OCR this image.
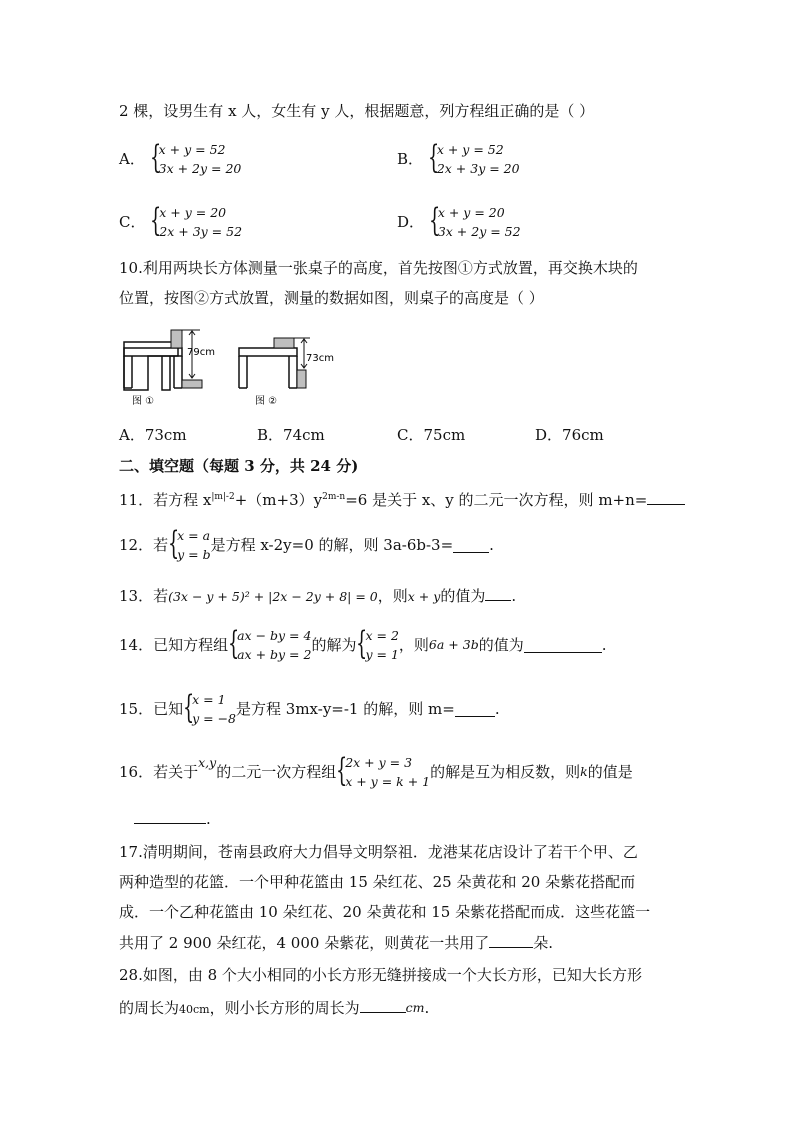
2 棵，设男生有 x 人，女生有 y 人，根据题意，列方程组正确的是（ ）
A． {
x + y = 52
3x + 2y = 20
B． {
x + y = 52
2x + 3y = 20
C． {
x + y = 20
2x + 3y = 52
D． {
x + y = 20
3x + 2y = 52
10.利用两块长方体测量一张桌子的高度，首先按图①方式放置，再交换木块的
位置，按图②方式放置，测量的数据如图，则桌子的高度是（ ）
79cm
图 ①
73cm
图 ②
A．73cm	B．74cm	C．75cm	D．76cm
二、填空题（每题 3 分，共 24 分)
11．若方程 $x^{|m|-2}+(m+3)y^{2m-n}=6$ 是关于 x、y 的二元一次方程，则 m+n=
12．若 {
x = a
y = b
是方程 x-2y=0 的解，则 3a-6b-3= .
13．若(3x − y + 5)² + |2x − 2y + 8| = 0，则x + y的值为 .
14．已知方程组 {
ax − by = 4
ax + by = 2
的解为 {
x = 2
y = 1
，则6a + 3b的值为	.
15．已知 {
x = 1
y = −8
是方程 3mx-y=-1 的解，则 m=	.
16．若关于$^{x,y}$的二元一次方程组 {
2x + y = 3
x + y = k + 1
的解是互为相反数，则k的值是
.
17.清明期间，苍南县政府大力倡导文明祭祖．龙港某花店设计了若干个甲、乙
两种造型的花篮．一个甲种花篮由 15 朵红花、25 朵黄花和 20 朵紫花搭配而
成．一个乙种花篮由 10 朵红花、20 朵黄花和 15 朵紫花搭配而成．这些花篮一
共用了 2 900 朵红花，4 000 朵紫花，则黄花一共用了	朵.
28.如图，由 8 个大小相同的小长方形无缝拼接成一个大长方形，已知大长方形
的周长为40cm，则小长方形的周长为	$^{cm}$.
